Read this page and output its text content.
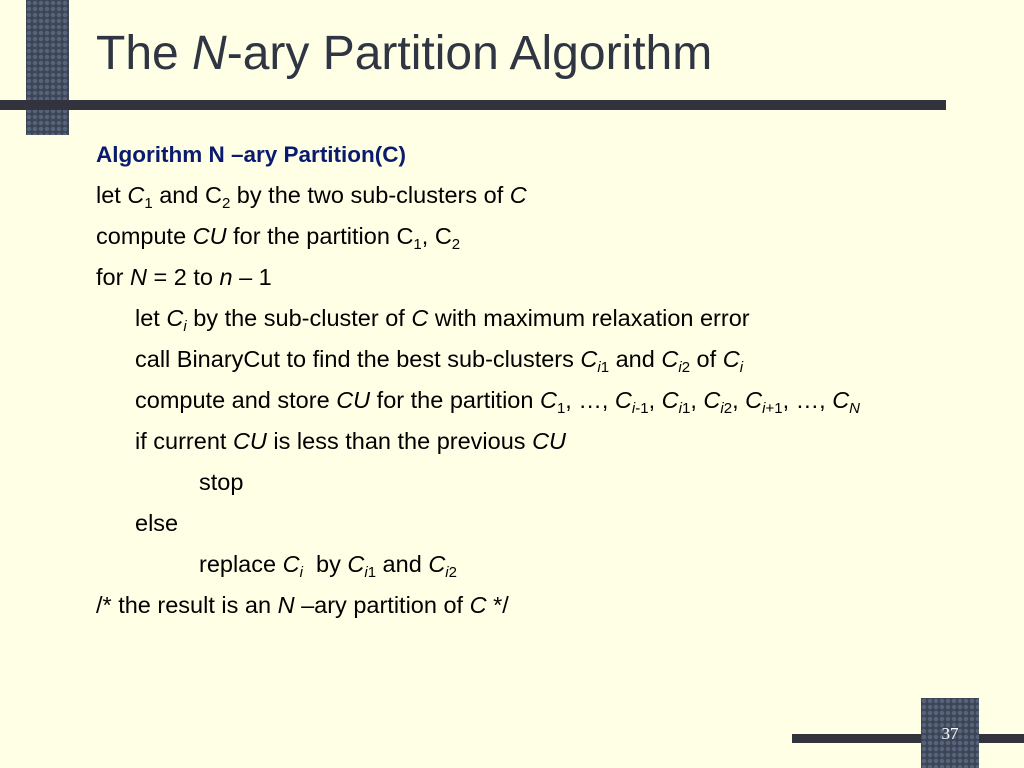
The N-ary Partition Algorithm
Algorithm N –ary Partition(C)
let $C_1$ and $C_2$ by the two sub-clusters of C
compute CU for the partition $C_1$, $C_2$
for N = 2 to n – 1
let $C_i$ by the sub-cluster of C with maximum relaxation error
call BinaryCut to find the best sub-clusters $C_{i1}$ and $C_{i2}$ of $C_i$
compute and store CU for the partition $C_1$, …, $C_{i-1}$, $C_{i1}$, $C_{i2}$, $C_{i+1}$, …, $C_N$
if current CU is less than the previous CU
stop
else
replace $C_i$  by $C_{i1}$ and $C_{i2}$
/* the result is an N –ary partition of C */
37
